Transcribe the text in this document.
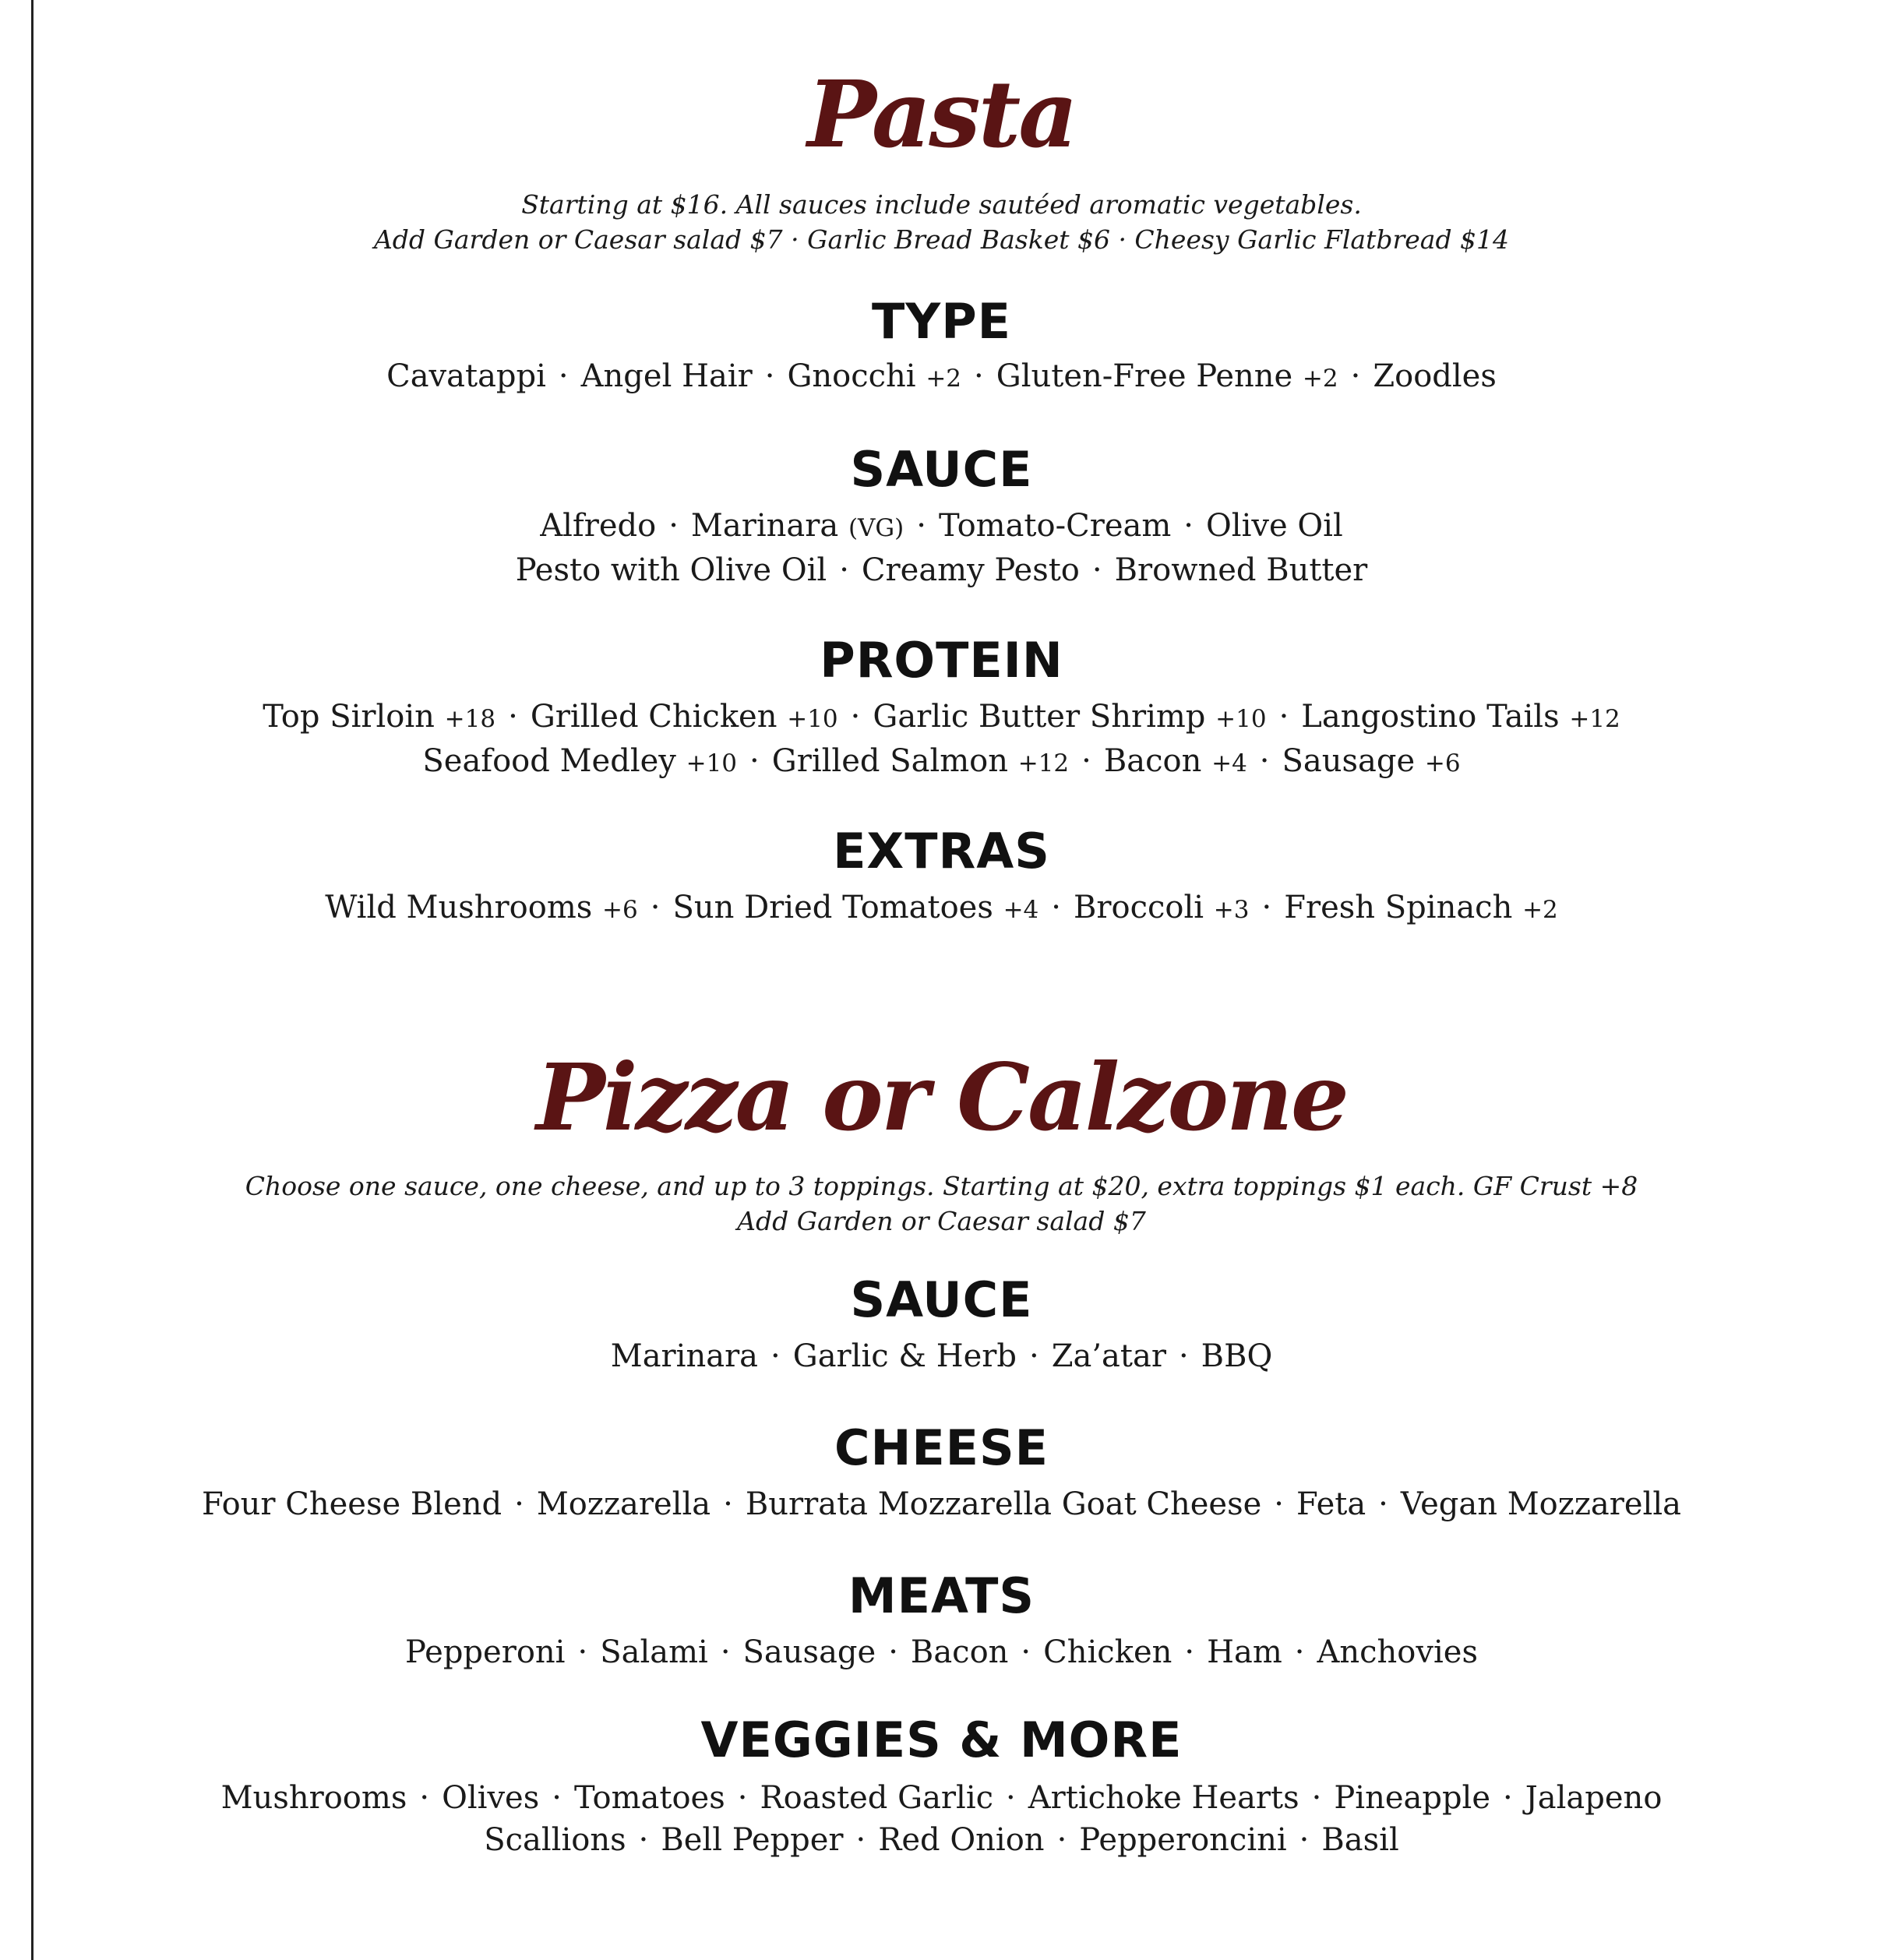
Pasta

Starting at $16. All sauces include sautéed aromatic vegetables.

Add Garden or Caesar salad $7 · Garlic Bread Basket $6 · Cheesy Garlic Flatbread $14

TYPE

Cavatappi · Angel Hair · Gnocchi +2 · Gluten-Free Penne +2 · Zoodles

SAUCE

Alfredo · Marinara (VG) · Tomato-Cream · Olive Oil

Pesto with Olive Oil · Creamy Pesto · Browned Butter

PROTEIN

Top Sirloin +18 · Grilled Chicken +10 · Garlic Butter Shrimp +10 · Langostino Tails +12

Seafood Medley +10 · Grilled Salmon +12 · Bacon +4 · Sausage +6

EXTRAS

Wild Mushrooms +6 · Sun Dried Tomatoes +4 · Broccoli +3 · Fresh Spinach +2

Pizza or Calzone

Choose one sauce, one cheese, and up to 3 toppings. Starting at $20, extra toppings $1 each. GF Crust +8

Add Garden or Caesar salad $7

SAUCE

Marinara · Garlic & Herb · Za’atar · BBQ

CHEESE

Four Cheese Blend · Mozzarella · Burrata Mozzarella Goat Cheese · Feta · Vegan Mozzarella

MEATS

Pepperoni · Salami · Sausage · Bacon · Chicken · Ham · Anchovies

VEGGIES & MORE

Mushrooms · Olives · Tomatoes · Roasted Garlic · Artichoke Hearts · Pineapple · Jalapeno

Scallions · Bell Pepper · Red Onion · Pepperoncini · Basil
